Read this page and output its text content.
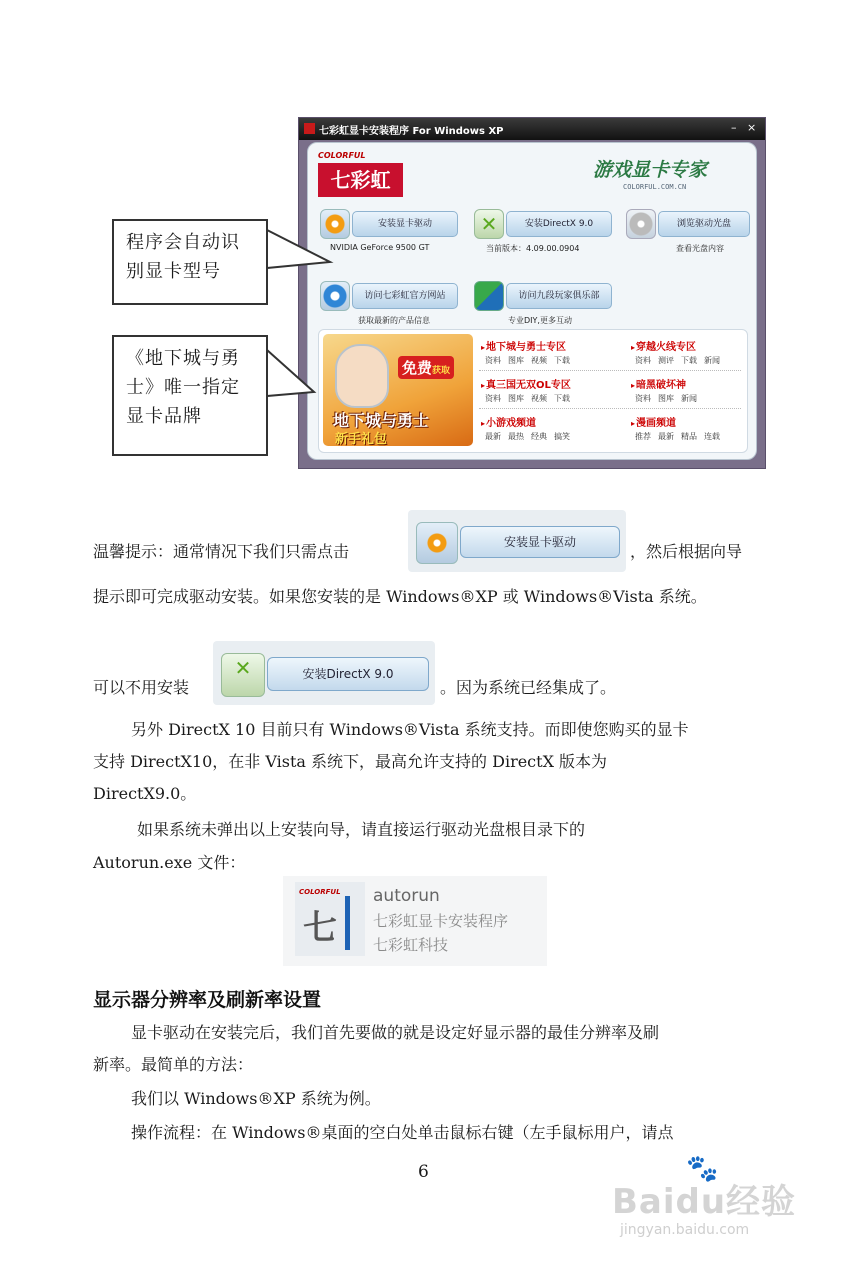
七彩虹显卡安装程序 For Windows XP	– ×
COLORFUL
七彩虹	游戏显卡专家
COLORFUL.COM.CN
安装显卡驱动
NVIDIA GeForce 9500 GT
✕
安装DirectX 9.0
当前版本：4.09.00.0904
浏览驱动光盘
查看光盘内容
访问七彩虹官方网站
获取最新的产品信息
访问九段玩家俱乐部
专业DIY,更多互动
免费获取
地下城与勇士
新手礼包
▸ 地下城与勇士专区
资料 图库 视频 下载
▸ 穿越火线专区
资料 测评 下载 新闻
▸ 真三国无双OL专区
资料 图库 视频 下载
▸ 暗黑破坏神
资料 图库 新闻
▸ 小游戏频道
最新 最热 经典 搞笑
▸ 漫画频道
推荐 最新 精品 连载
程序会自动识
别显卡型号
《地下城与勇
士》唯一指定
显卡品牌
温馨提示：通常情况下我们只需点击	安装显卡驱动	，然后根据向导
提示即可完成驱动安装。如果您安装的是 Windows®XP 或 Windows®Vista 系统。
可以不用安装
✕
安装DirectX 9.0
。因为系统已经集成了。
另外 DirectX 10 目前只有 Windows®Vista 系统支持。而即使您购买的显卡
支持 DirectX10，在非 Vista 系统下，最高允许支持的 DirectX 版本为
DirectX9.0。
如果系统未弹出以上安装向导，请直接运行驱动光盘根目录下的
Autorun.exe 文件：
COLORFUL
七
autorun
七彩虹显卡安装程序
七彩虹科技
显示器分辨率及刷新率设置
显卡驱动在安装完后，我们首先要做的就是设定好显示器的最佳分辨率及刷
新率。最简单的方法：
我们以 Windows®XP 系统为例。
操作流程：在 Windows®桌面的空白处单击鼠标右键（左手鼠标用户，请点
6	🐾
Baidu经验
jingyan.baidu.com
